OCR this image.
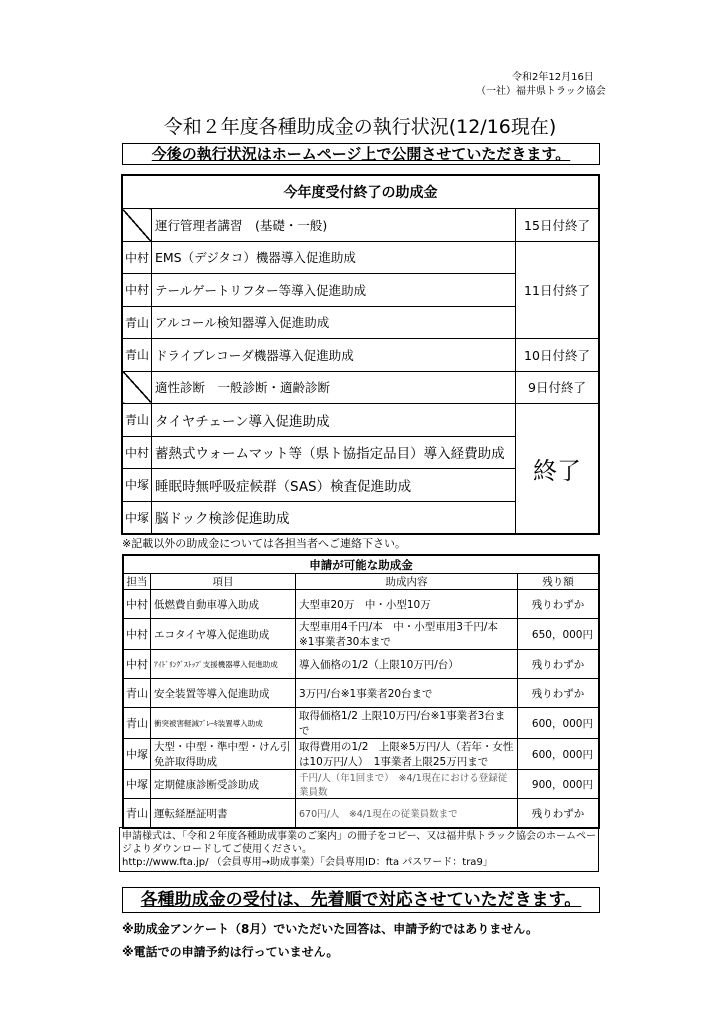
令和2年12月16日
（一社）福井県トラック協会
令和２年度各種助成金の執行状況(12/16現在)
今後の執行状況はホームページ上で公開させていただきます。
今年度受付終了の助成金		
	運行管理者講習　(基礎・一般)	15日付終了
中村	EMS（デジタコ）機器導入促進助成	11日付終了
中村	テールゲートリフター等導入促進助成	
青山	アルコール検知器導入促進助成	
青山	ドライブレコーダ機器導入促進助成	10日付終了
	適性診断　一般診断・適齢診断	9日付終了
青山	タイヤチェーン導入促進助成	終了
中村	蓄熱式ウォームマット等（県ト協指定品目）導入経費助成	
中塚	睡眠時無呼吸症候群（SAS）検査促進助成	
中塚	脳ドック検診促進助成	
※記載以外の助成金については各担当者へご連絡下さい。
申請が可能な助成金			
担当	項目	助成内容	残り額
中村	低燃費自動車導入助成	大型車20万　中・小型10万	残りわずか
中村	エコタイヤ導入促進助成	大型車用4千円/本　中・小型車用3千円/本　※1事業者30本まで	650，000円
中村	ｱｲﾄﾞﾘﾝｸﾞｽﾄｯﾌﾟ支援機器導入促進助成	導入価格の1/2（上限10万円/台）	残りわずか
青山	安全装置等導入促進助成	3万円/台※1事業者20台まで	残りわずか
青山	衝突被害軽減ﾌﾞﾚｰｷ装置導入助成	取得価格1/2 上限10万円/台※1事業者3台まで	600，000円
中塚	大型・中型・準中型・けん引免許取得助成	取得費用の1/2　上限※5万円/人（若年・女性は10万円/人）　1事業者上限25万円まで	600，000円
中塚	定期健康診断受診助成	千円/人（年1回まで）　※4/1現在における登録従業員数	900，000円
青山	運転経歴証明書	670円/人　※4/1現在の従業員数まで	残りわずか
申請様式は、「令和２年度各種助成事業のご案内」の冊子をコピー、又は福井県トラック協会のホームページよりダウンロードしてご使用ください。
http://www.fta.jp/ （会員専用→助成事業）「会員専用ID：fta パスワード：tra9」
各種助成金の受付は、先着順で対応させていただきます。
※助成金アンケート（8月）でいただいた回答は、申請予約ではありません。
※電話での申請予約は行っていません。
